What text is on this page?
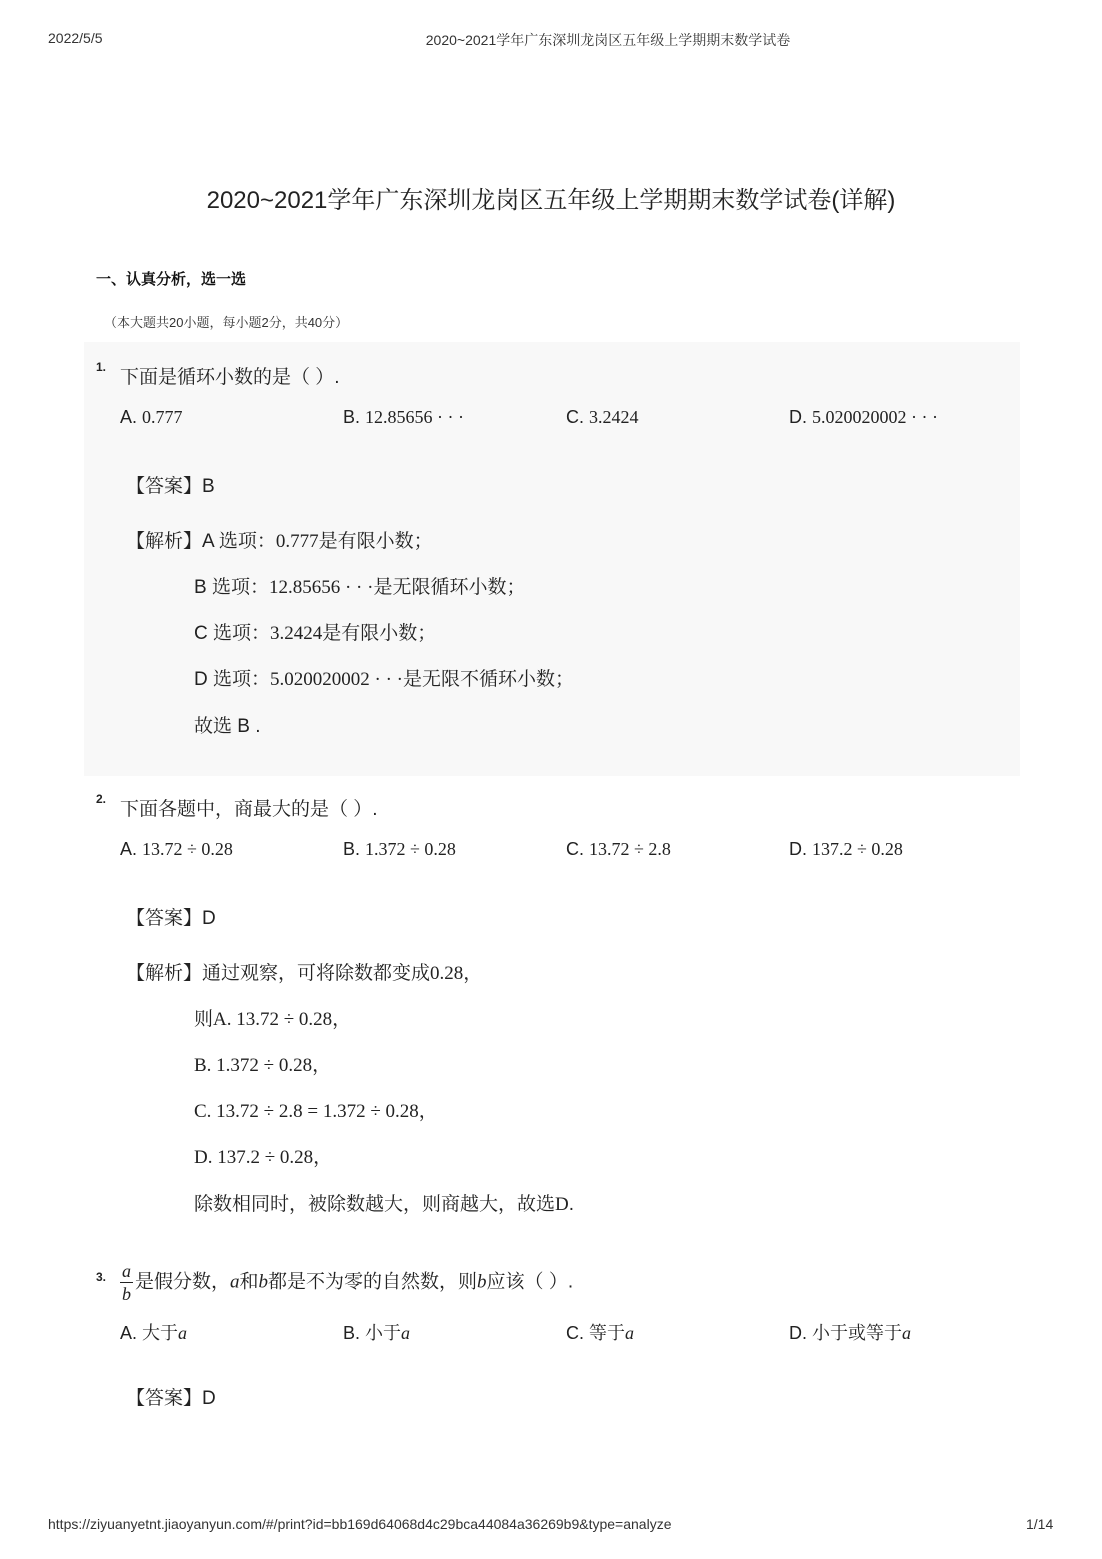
2022/5/5	2020~2021学年广东深圳龙岗区五年级上学期期末数学试卷
2020~2021学年广东深圳龙岗区五年级上学期期末数学试卷(详解)
一、认真分析，选一选
（本大题共20小题，每小题2分，共40分）
1. 下面是循环小数的是（ ）.
A. 0.777	B. 12.85656 · · ·	C. 3.2424	D. 5.020020002 · · ·
【答案】B
【解析】A 选项：0.777是有限小数；
B 选项：12.85656 · · ·是无限循环小数；
C 选项：3.2424是有限小数；
D 选项：5.020020002 · · ·是无限不循环小数；
故选 B .
2. 下面各题中，商最大的是（ ）.
A. 13.72 ÷ 0.28	B. 1.372 ÷ 0.28	C. 13.72 ÷ 2.8	D. 137.2 ÷ 0.28
【答案】D
【解析】通过观察，可将除数都变成0.28，
则A. 13.72 ÷ 0.28，
B. 1.372 ÷ 0.28，
C. 13.72 ÷ 2.8 = 1.372 ÷ 0.28，
D. 137.2 ÷ 0.28，
除数相同时，被除数越大，则商越大，故选D.
3. $\frac{a}{b}$ 是假分数，a和b都是不为零的自然数，则b应该（ ）.
A. 大于a	B. 小于a	C. 等于a	D. 小于或等于a
【答案】D
https://ziyuanyetnt.jiaoyanyun.com/#/print?id=bb169d64068d4c29bca44084a36269b9&type=analyze	1/14
